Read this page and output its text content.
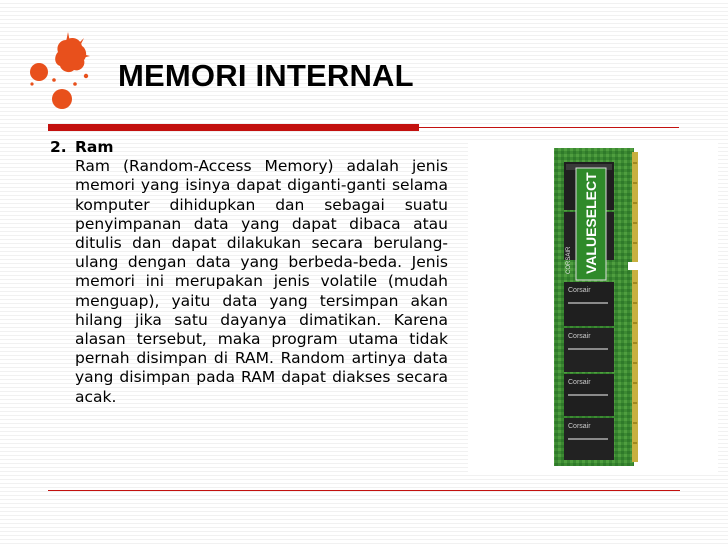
MEMORI INTERNAL
2. Ram
Ram (Random-Access Memory) adalah jenis memori yang isinya dapat diganti-ganti selama komputer dihidupkan dan sebagai suatu penyimpanan data yang dapat dibaca atau ditulis dan dapat dilakukan secara berulang-ulang dengan data yang berbeda-beda. Jenis memori ini merupakan jenis volatile (mudah menguap), yaitu data yang tersimpan akan hilang jika satu dayanya dimatikan. Karena alasan tersebut, maka program utama tidak pernah disimpan di RAM. Random artinya data yang disimpan pada RAM dapat diakses secara acak.
VALUESELECT
CORSAIR
Corsair
Corsair
Corsair
Corsair
